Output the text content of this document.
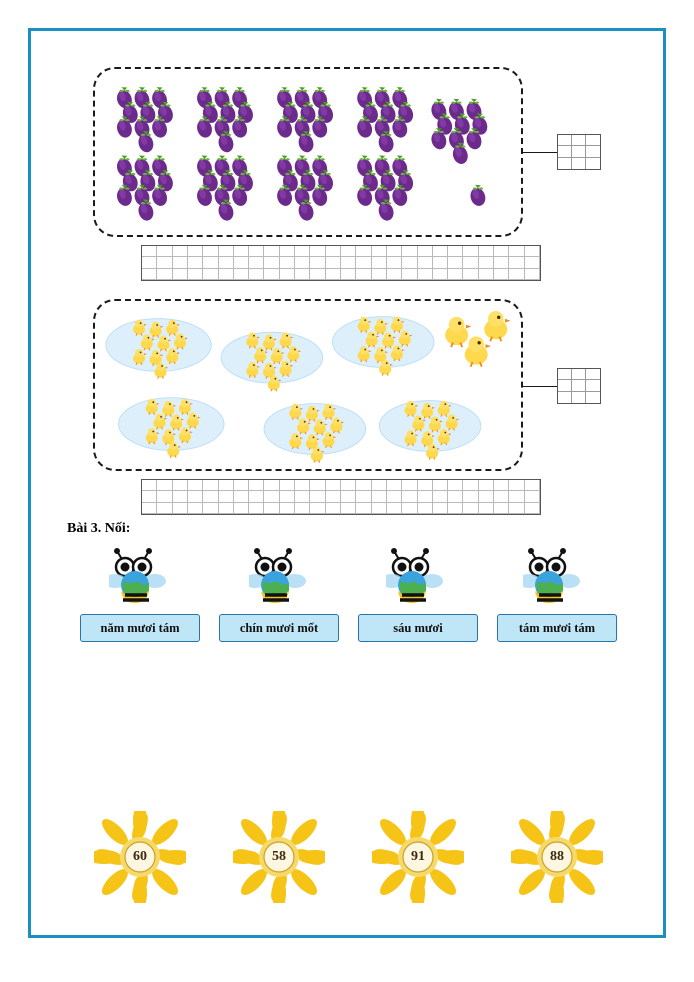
Bài 3. Nối:
năm mươi tám	chín mươi mốt	sáu mươi	tám mươi tám
60	58	91	88
